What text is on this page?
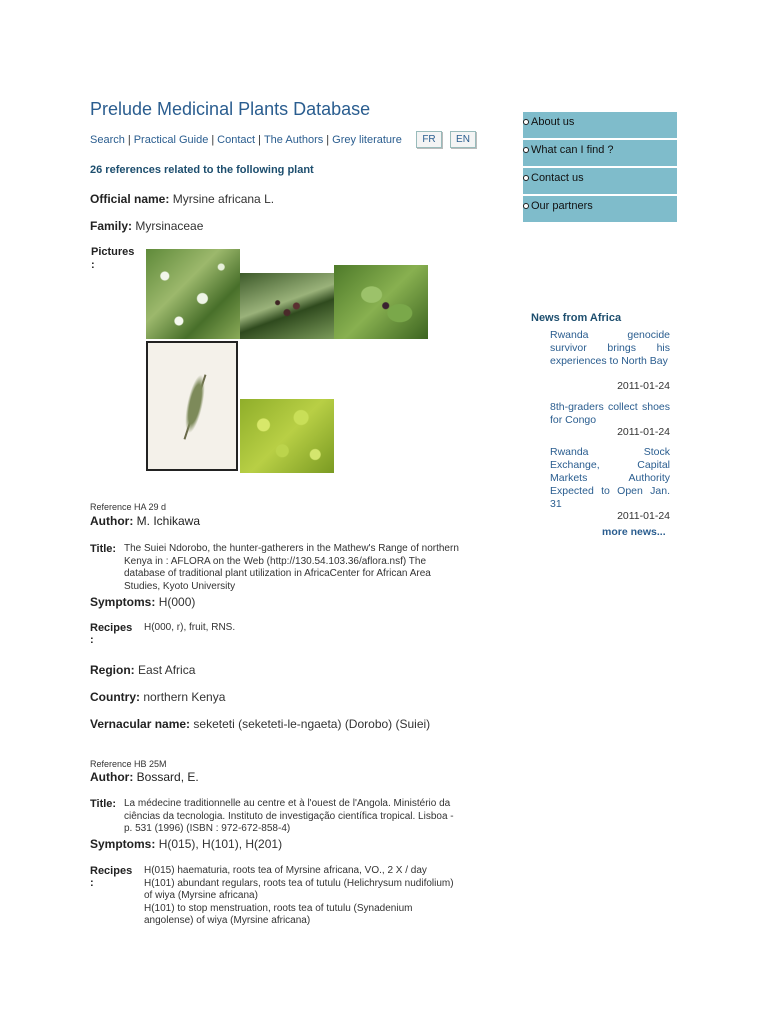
Prelude Medicinal Plants Database
Search | Practical Guide | Contact | The Authors | Grey literature	FR	EN
26 references related to the following plant
Official name: Myrsine africana L.
Family: Myrsinaceae
Pictures :
Reference HA 29 d
Author: M. Ichikawa
Title: The Suiei Ndorobo, the hunter-gatherers in the Mathew's Range of northern Kenya in : AFLORA on the Web (http://130.54.103.36/aflora.nsf) The database of traditional plant utilization in AfricaCenter for African Area Studies, Kyoto University
Symptoms: H(000)
Recipes :
H(000, r), fruit, RNS.
Region: East Africa
Country: northern Kenya
Vernacular name: seketeti (seketeti-le-ngaeta) (Dorobo) (Suiei)
Reference HB 25M
Author: Bossard, E.
Title: La médecine traditionnelle au centre et à l'ouest de l'Angola. Ministério da ciências da tecnologia. Instituto de investigação científica tropical. Lisboa - p. 531 (1996) (ISBN : 972-672-858-4)
Symptoms: H(015), H(101), H(201)
Recipes :
H(015) haematuria, roots tea of Myrsine africana, VO., 2 X / day
H(101) abundant regulars, roots tea of tutulu (Helichrysum nudifolium) of wiya (Myrsine africana)
H(101) to stop menstruation, roots tea of tutulu (Synadenium angolense) of wiya (Myrsine africana)
About us
What can I find ?
Contact us
Our partners
News from Africa
Rwanda genocide survivor brings his experiences to North Bay
2011-01-24
8th-graders collect shoes for Congo
2011-01-24
Rwanda Stock Exchange, Capital Markets Authority Expected to Open Jan. 31
2011-01-24
more news...
